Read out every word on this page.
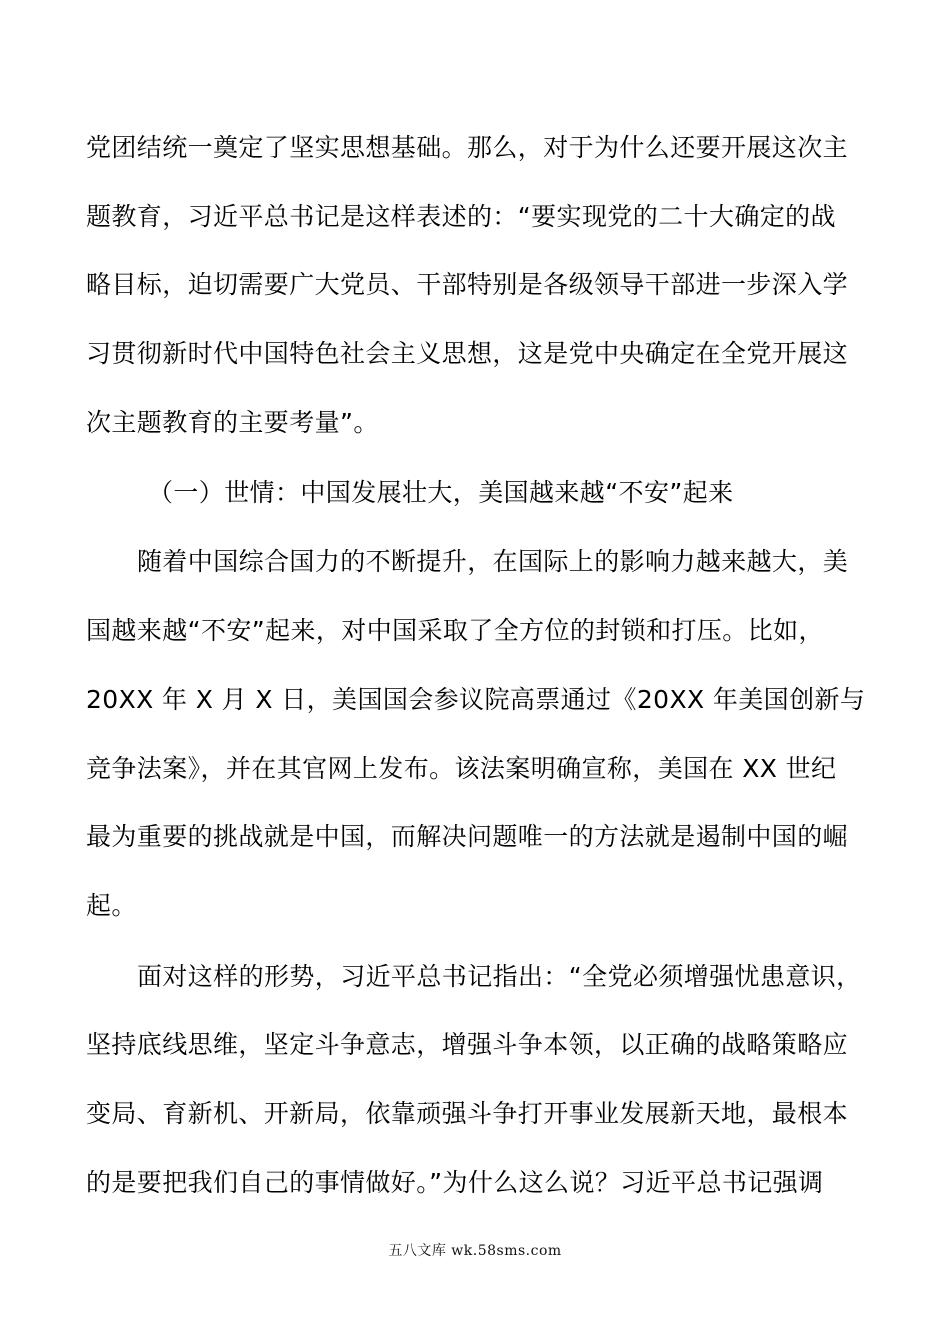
党团结统一奠定了坚实思想基础。那么，对于为什么还要开展这次主
题教育，习近平总书记是这样表述的：“要实现党的二十大确定的战
略目标，迫切需要广大党员、干部特别是各级领导干部进一步深入学
习贯彻新时代中国特色社会主义思想，这是党中央确定在全党开展这
次主题教育的主要考量”。
（一）世情：中国发展壮大，美国越来越“不安”起来
随着中国综合国力的不断提升，在国际上的影响力越来越大，美
国越来越“不安”起来，对中国采取了全方位的封锁和打压。比如，
20XX 年 X 月 X 日，美国国会参议院高票通过《20XX 年美国创新与
竞争法案》，并在其官网上发布。该法案明确宣称，美国在 XX 世纪
最为重要的挑战就是中国，而解决问题唯一的方法就是遏制中国的崛
起。
面对这样的形势，习近平总书记指出：“全党必须增强忧患意识，
坚持底线思维，坚定斗争意志，增强斗争本领，以正确的战略策略应
变局、育新机、开新局，依靠顽强斗争打开事业发展新天地，最根本
的是要把我们自己的事情做好。”为什么这么说？习近平总书记强调
五八文库 wk.58sms.com
